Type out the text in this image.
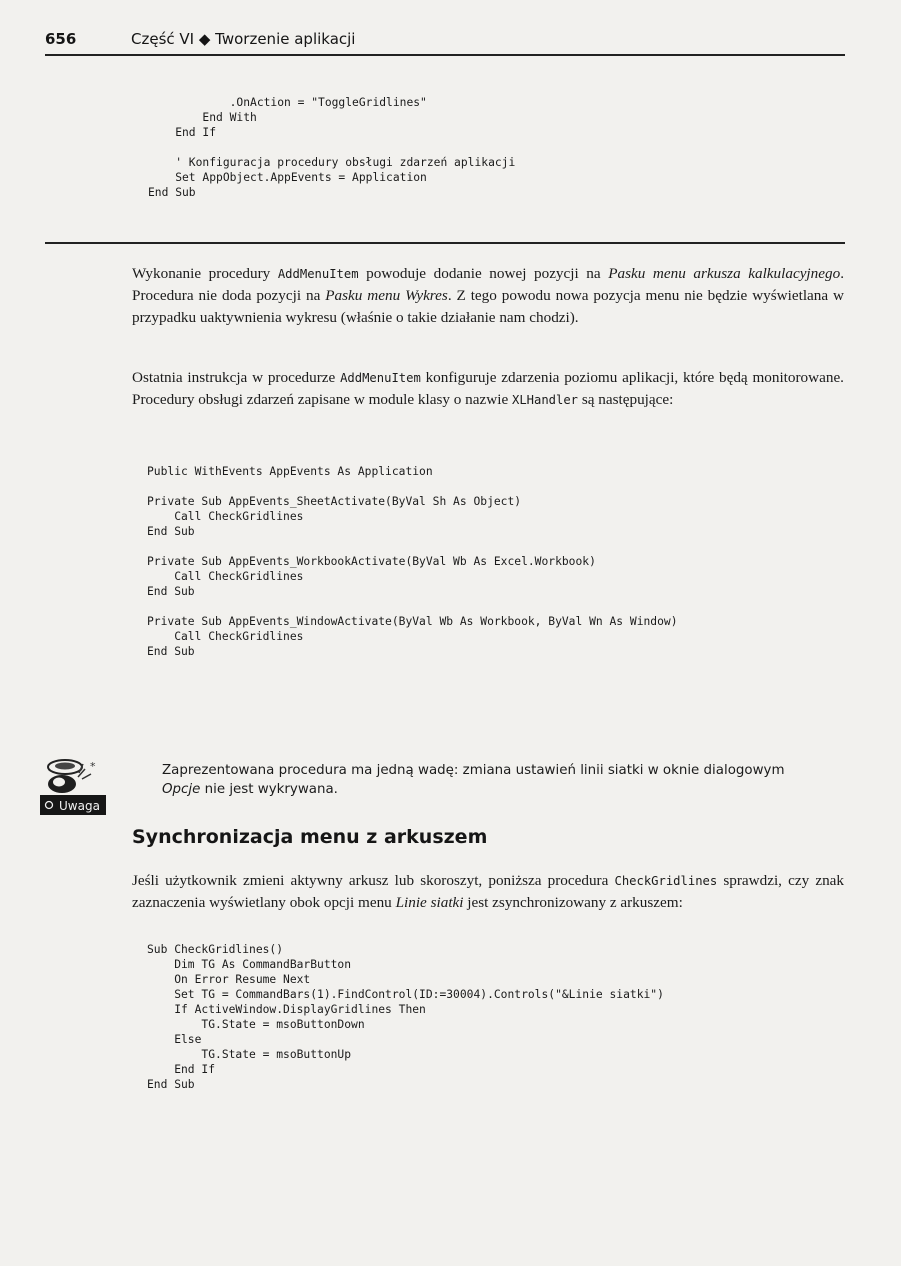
656	Część VI ◆ Tworzenie aplikacji
.OnAction = "ToggleGridlines"
End With
End If

' Konfiguracja procedury obsługi zdarzeń aplikacji
Set AppObject.AppEvents = Application
End Sub

Wykonanie procedury AddMenuItem powoduje dodanie nowej pozycji na Pasku menu arkusza kalkulacyjnego. Procedura nie doda pozycji na Pasku menu Wykres. Z tego powodu nowa pozycja menu nie będzie wyświetlana w przypadku uaktywnienia wykresu (właśnie o takie działanie nam chodzi).

Ostatnia instrukcja w procedurze AddMenuItem konfiguruje zdarzenia poziomu aplikacji, które będą monitorowane. Procedury obsługi zdarzeń zapisane w module klasy o nazwie XLHandler są następujące:

Public WithEvents AppEvents As Application

Private Sub AppEvents_SheetActivate(ByVal Sh As Object)
Call CheckGridlines
End Sub

Private Sub AppEvents_WorkbookActivate(ByVal Wb As Excel.Workbook)
Call CheckGridlines
End Sub

Private Sub AppEvents_WindowActivate(ByVal Wb As Workbook, ByVal Wn As Window)
Call CheckGridlines
End Sub
*
Uwaga

Zaprezentowana procedura ma jedną wadę: zmiana ustawień linii siatki w oknie dialogowym Opcje nie jest wykrywana.

Synchronizacja menu z arkuszem

Jeśli użytkownik zmieni aktywny arkusz lub skoroszyt, poniższa procedura CheckGridlines sprawdzi, czy znak zaznaczenia wyświetlany obok opcji menu Linie siatki jest zsynchronizowany z arkuszem:

Sub CheckGridlines()
Dim TG As CommandBarButton
On Error Resume Next
Set TG = CommandBars(1).FindControl(ID:=30004).Controls("&Linie siatki")
If ActiveWindow.DisplayGridlines Then
TG.State = msoButtonDown
Else
TG.State = msoButtonUp
End If
End Sub
